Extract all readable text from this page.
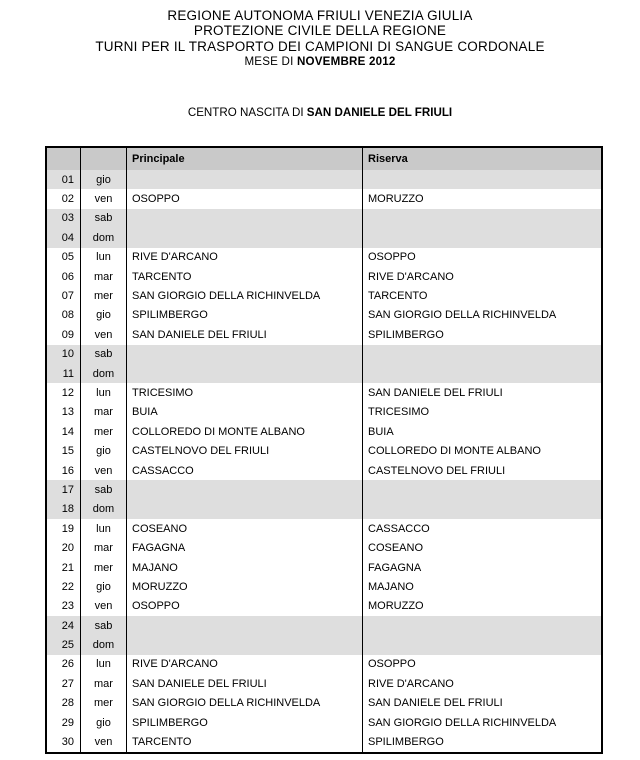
REGIONE AUTONOMA FRIULI VENEZIA GIULIA
PROTEZIONE CIVILE DELLA REGIONE
TURNI PER IL TRASPORTO DEI CAMPIONI DI SANGUE CORDONALE
MESE DI NOVEMBRE 2012
CENTRO NASCITA DI SAN DANIELE DEL FRIULI
Principale	Riserva
01	gio
02	ven	OSOPPO	MORUZZO
03	sab
04	dom
05	lun	RIVE D'ARCANO	OSOPPO
06	mar	TARCENTO	RIVE D'ARCANO
07	mer	SAN GIORGIO DELLA RICHINVELDA	TARCENTO
08	gio	SPILIMBERGO	SAN GIORGIO DELLA RICHINVELDA
09	ven	SAN DANIELE DEL FRIULI	SPILIMBERGO
10	sab
11	dom
12	lun	TRICESIMO	SAN DANIELE DEL FRIULI
13	mar	BUIA	TRICESIMO
14	mer	COLLOREDO DI MONTE ALBANO	BUIA
15	gio	CASTELNOVO DEL FRIULI	COLLOREDO DI MONTE ALBANO
16	ven	CASSACCO	CASTELNOVO DEL FRIULI
17	sab
18	dom
19	lun	COSEANO	CASSACCO
20	mar	FAGAGNA	COSEANO
21	mer	MAJANO	FAGAGNA
22	gio	MORUZZO	MAJANO
23	ven	OSOPPO	MORUZZO
24	sab
25	dom
26	lun	RIVE D'ARCANO	OSOPPO
27	mar	SAN DANIELE DEL FRIULI	RIVE D'ARCANO
28	mer	SAN GIORGIO DELLA RICHINVELDA	SAN DANIELE DEL FRIULI
29	gio	SPILIMBERGO	SAN GIORGIO DELLA RICHINVELDA
30	ven	TARCENTO	SPILIMBERGO
